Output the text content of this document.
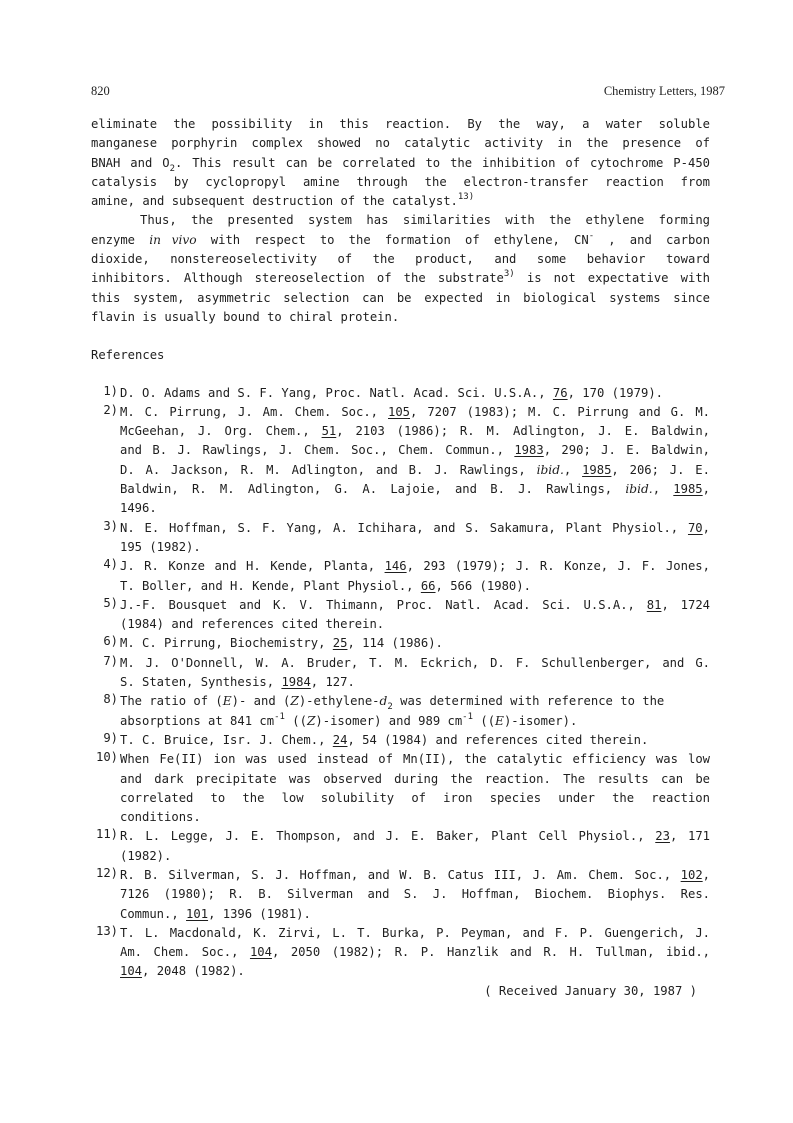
820	Chemistry Letters, 1987
eliminate the possibility in this reaction. By the way, a water soluble
manganese porphyrin complex showed no catalytic activity in the presence of
BNAH and $O_2$. This result can be correlated to the inhibition of cytochrome P-450
catalysis by cyclopropyl amine through the electron-transfer reaction from
amine, and subsequent destruction of the catalyst.$^{13)}$
Thus, the presented system has similarities with the ethylene forming
enzyme in vivo with respect to the formation of ethylene, CN- , and carbon
dioxide, nonstereoselectivity of the product, and some behavior toward
inhibitors. Although stereoselection of the substrate$^{3)}$ is not expectative with
this system, asymmetric selection can be expected in biological systems since
flavin is usually bound to chiral protein.
References
1) D. O. Adams and S. F. Yang, Proc. Natl. Acad. Sci. U.S.A., 76, 170 (1979).
2) M. C. Pirrung, J. Am. Chem. Soc., 105, 7207 (1983); M. C. Pirrung and G. M.
McGeehan, J. Org. Chem., 51, 2103 (1986); R. M. Adlington, J. E. Baldwin,
and B. J. Rawlings, J. Chem. Soc., Chem. Commun., 1983, 290; J. E. Baldwin,
D. A. Jackson, R. M. Adlington, and B. J. Rawlings, ibid., 1985, 206; J. E.
Baldwin, R. M. Adlington, G. A. Lajoie, and B. J. Rawlings, ibid., 1985,
1496.
3) N. E. Hoffman, S. F. Yang, A. Ichihara, and S. Sakamura, Plant Physiol., 70,
195 (1982).
4) J. R. Konze and H. Kende, Planta, 146, 293 (1979); J. R. Konze, J. F. Jones,
T. Boller, and H. Kende, Plant Physiol., 66, 566 (1980).
5) J.-F. Bousquet and K. V. Thimann, Proc. Natl. Acad. Sci. U.S.A., 81, 1724
(1984) and references cited therein.
6) M. C. Pirrung, Biochemistry, 25, 114 (1986).
7) M. J. O'Donnell, W. A. Bruder, T. M. Eckrich, D. F. Schullenberger, and G.
S. Staten, Synthesis, 1984, 127.
8) The ratio of (E)- and $(Z)-ethylene-d_2$ was determined with reference to the
absorptions at 841 $cm^{-1}$ ((Z)-isomer) and 989 $cm^{-1}$ ((E)-isomer).
9) T. C. Bruice, Isr. J. Chem., 24, 54 (1984) and references cited therein.
10) When Fe(II) ion was used instead of Mn(II), the catalytic efficiency was low
and dark precipitate was observed during the reaction. The results can be
correlated to the low solubility of iron species under the reaction
conditions.
11) R. L. Legge, J. E. Thompson, and J. E. Baker, Plant Cell Physiol., 23, 171
(1982).
12) R. B. Silverman, S. J. Hoffman, and W. B. Catus III, J. Am. Chem. Soc., 102,
7126 (1980); R. B. Silverman and S. J. Hoffman, Biochem. Biophys. Res.
Commun., 101, 1396 (1981).
13) T. L. Macdonald, K. Zirvi, L. T. Burka, P. Peyman, and F. P. Guengerich, J.
Am. Chem. Soc., 104, 2050 (1982); R. P. Hanzlik and R. H. Tullman, ibid.,
104, 2048 (1982).
( Received January 30, 1987 )
